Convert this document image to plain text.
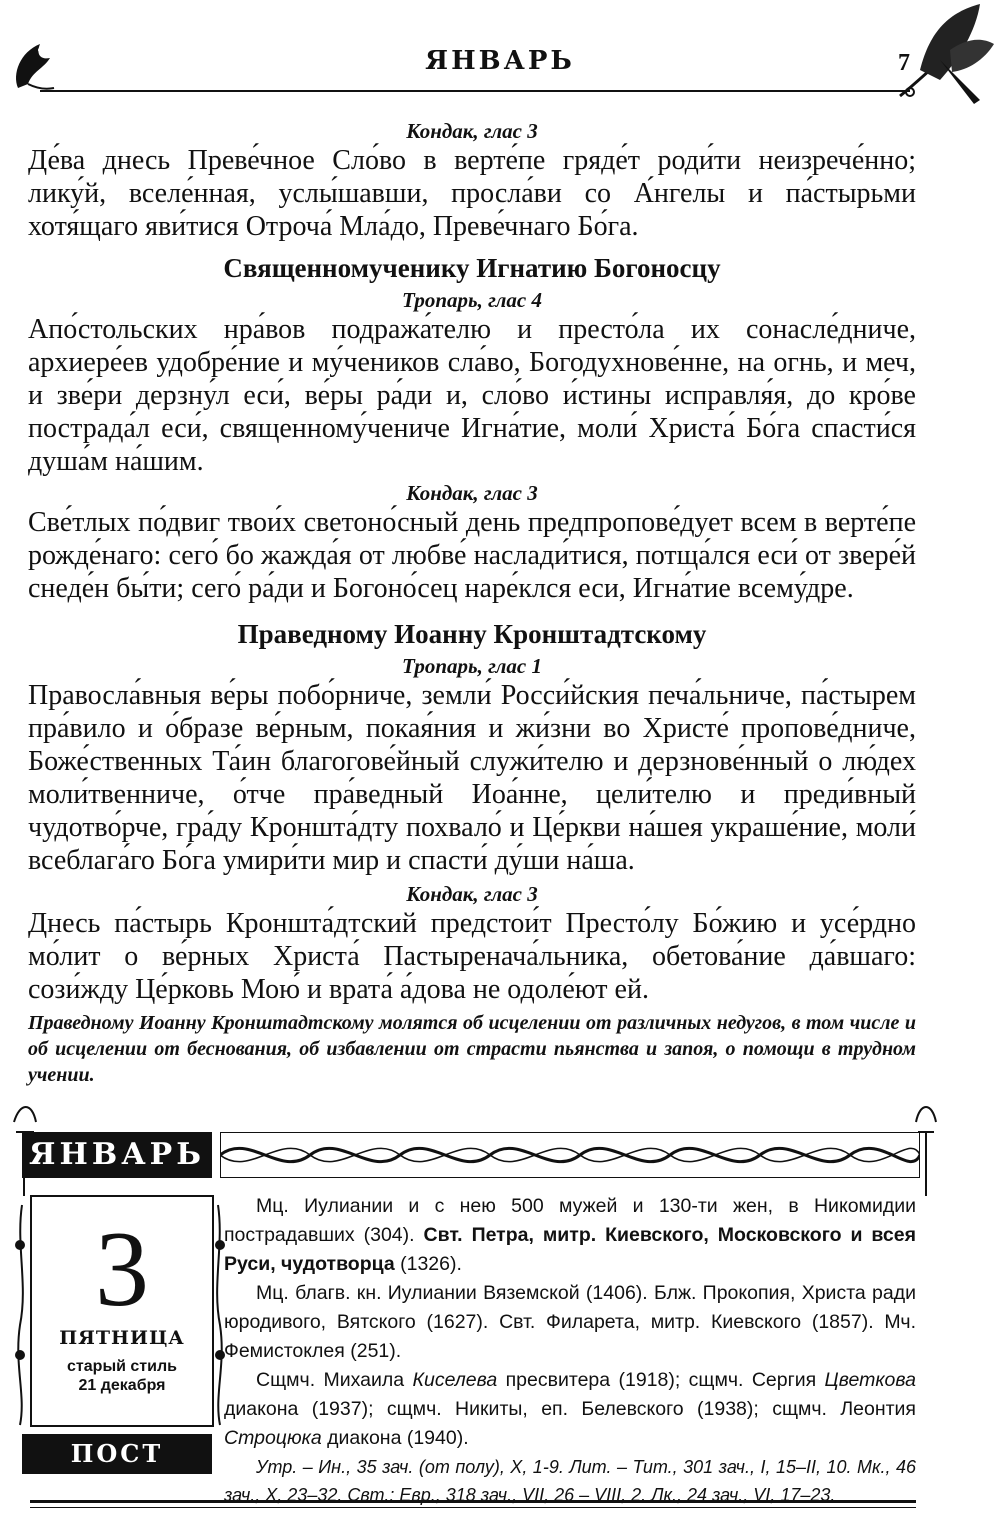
ЯНВАРЬ	7

Кондак, глас 3

Де́ва днесь Преве́чное Сло́во в верте́пе гряде́т роди́ти неизрече́нно; лику́й, вселе́нная, услы́шавши, просла́ви со А́нгелы и па́стырьми хотя́щаго яви́тися Отроча́ Мла́до, Преве́чнаго Бо́га.

Священномученику Игнатию Богоносцу

Тропарь, глас 4

Апо́стольских нра́вов подража́телю и престо́ла их сонасле́дниче, архиере́ев удобре́ние и му́чеников сла́во, Богодухнове́нне, на огнь, и меч, и зве́ри дерзну́л еси́, ве́ры ра́ди и, сло́во и́стины исправля́я, до кро́ве пострада́л еси́, священному́чениче Игна́тие, моли́ Христа́ Бо́га спасти́ся душа́м на́шим.

Кондак, глас 3

Све́тлых по́двиг твои́х светоно́сный день предпропове́дует всем в верте́пе рожде́наго: сего́ бо жажда́я от любве́ наслади́тися, потща́лся еси́ от звере́й снеде́н бы́ти; сего́ ра́ди и Богоно́сец наре́клся еси, Игна́тие всему́дре.

Праведному Иоанну Кронштадтскому

Тропарь, глас 1

Правосла́вныя ве́ры побо́рниче, земли́ Росси́йския печа́льниче, па́стырем пра́вило и о́бразе ве́рным, покая́ния и жи́зни во Христе́ пропове́дниче, Боже́ственных Та́ин благогове́йный служи́телю и дерзнове́нный о лю́дех моли́твенниче, о́тче пра́ведный Иоа́нне, цели́телю и преди́вный чудотво́рче, гра́ду Кроншта́дту похвало́ и Це́ркви на́шея украше́ние, моли́ всеблага́го Бо́га умири́ти мир и спасти́ ду́ши на́ша.

Кондак, глас 3

Днесь па́стырь Кроншта́дтский предстои́т Престо́лу Бо́жию и усе́рдно мо́лит о ве́рных Христа́ Пастыренача́льника, обетова́ние да́вшаго: сози́жду Це́рковь Мою́ и врата́ а́дова не одоле́ют ей.

Праведному Иоанну Кронштадтскому молятся об исцелении от различных недугов, в том числе и об исцелении от беснования, об избавлении от страсти пьянства и запоя, о помощи в трудном учении.

ЯНВАРЬ
3
ПЯТНИЦА
старый стиль
21 декабря
ПОСТ

Мц. Иулиании и с нею 500 мужей и 130-ти жен, в Никомидии пострадавших (304). Свт. Петра, митр. Киевского, Московского и всея Руси, чудотворца (1326).

Мц. благв. кн. Иулиании Вяземской (1406). Блж. Прокопия, Христа ради юродивого, Вятского (1627). Свт. Филарета, митр. Киевского (1857). Мч. Фемистоклея (251).

Сщмч. Михаила Киселева пресвитера (1918); сщмч. Сергия Цветкова диакона (1937); сщмч. Никиты, еп. Белевского (1938); сщмч. Леонтия Строцюка диакона (1940).

Утр. – Ин., 35 зач. (от полу), X, 1-9. Лит. – Тит., 301 зач., I, 15–II, 10. Мк., 46 зач., X, 23–32. Свт.: Евр., 318 зач., VII, 26 – VIII, 2. Лк., 24 зач., VI, 17–23.
